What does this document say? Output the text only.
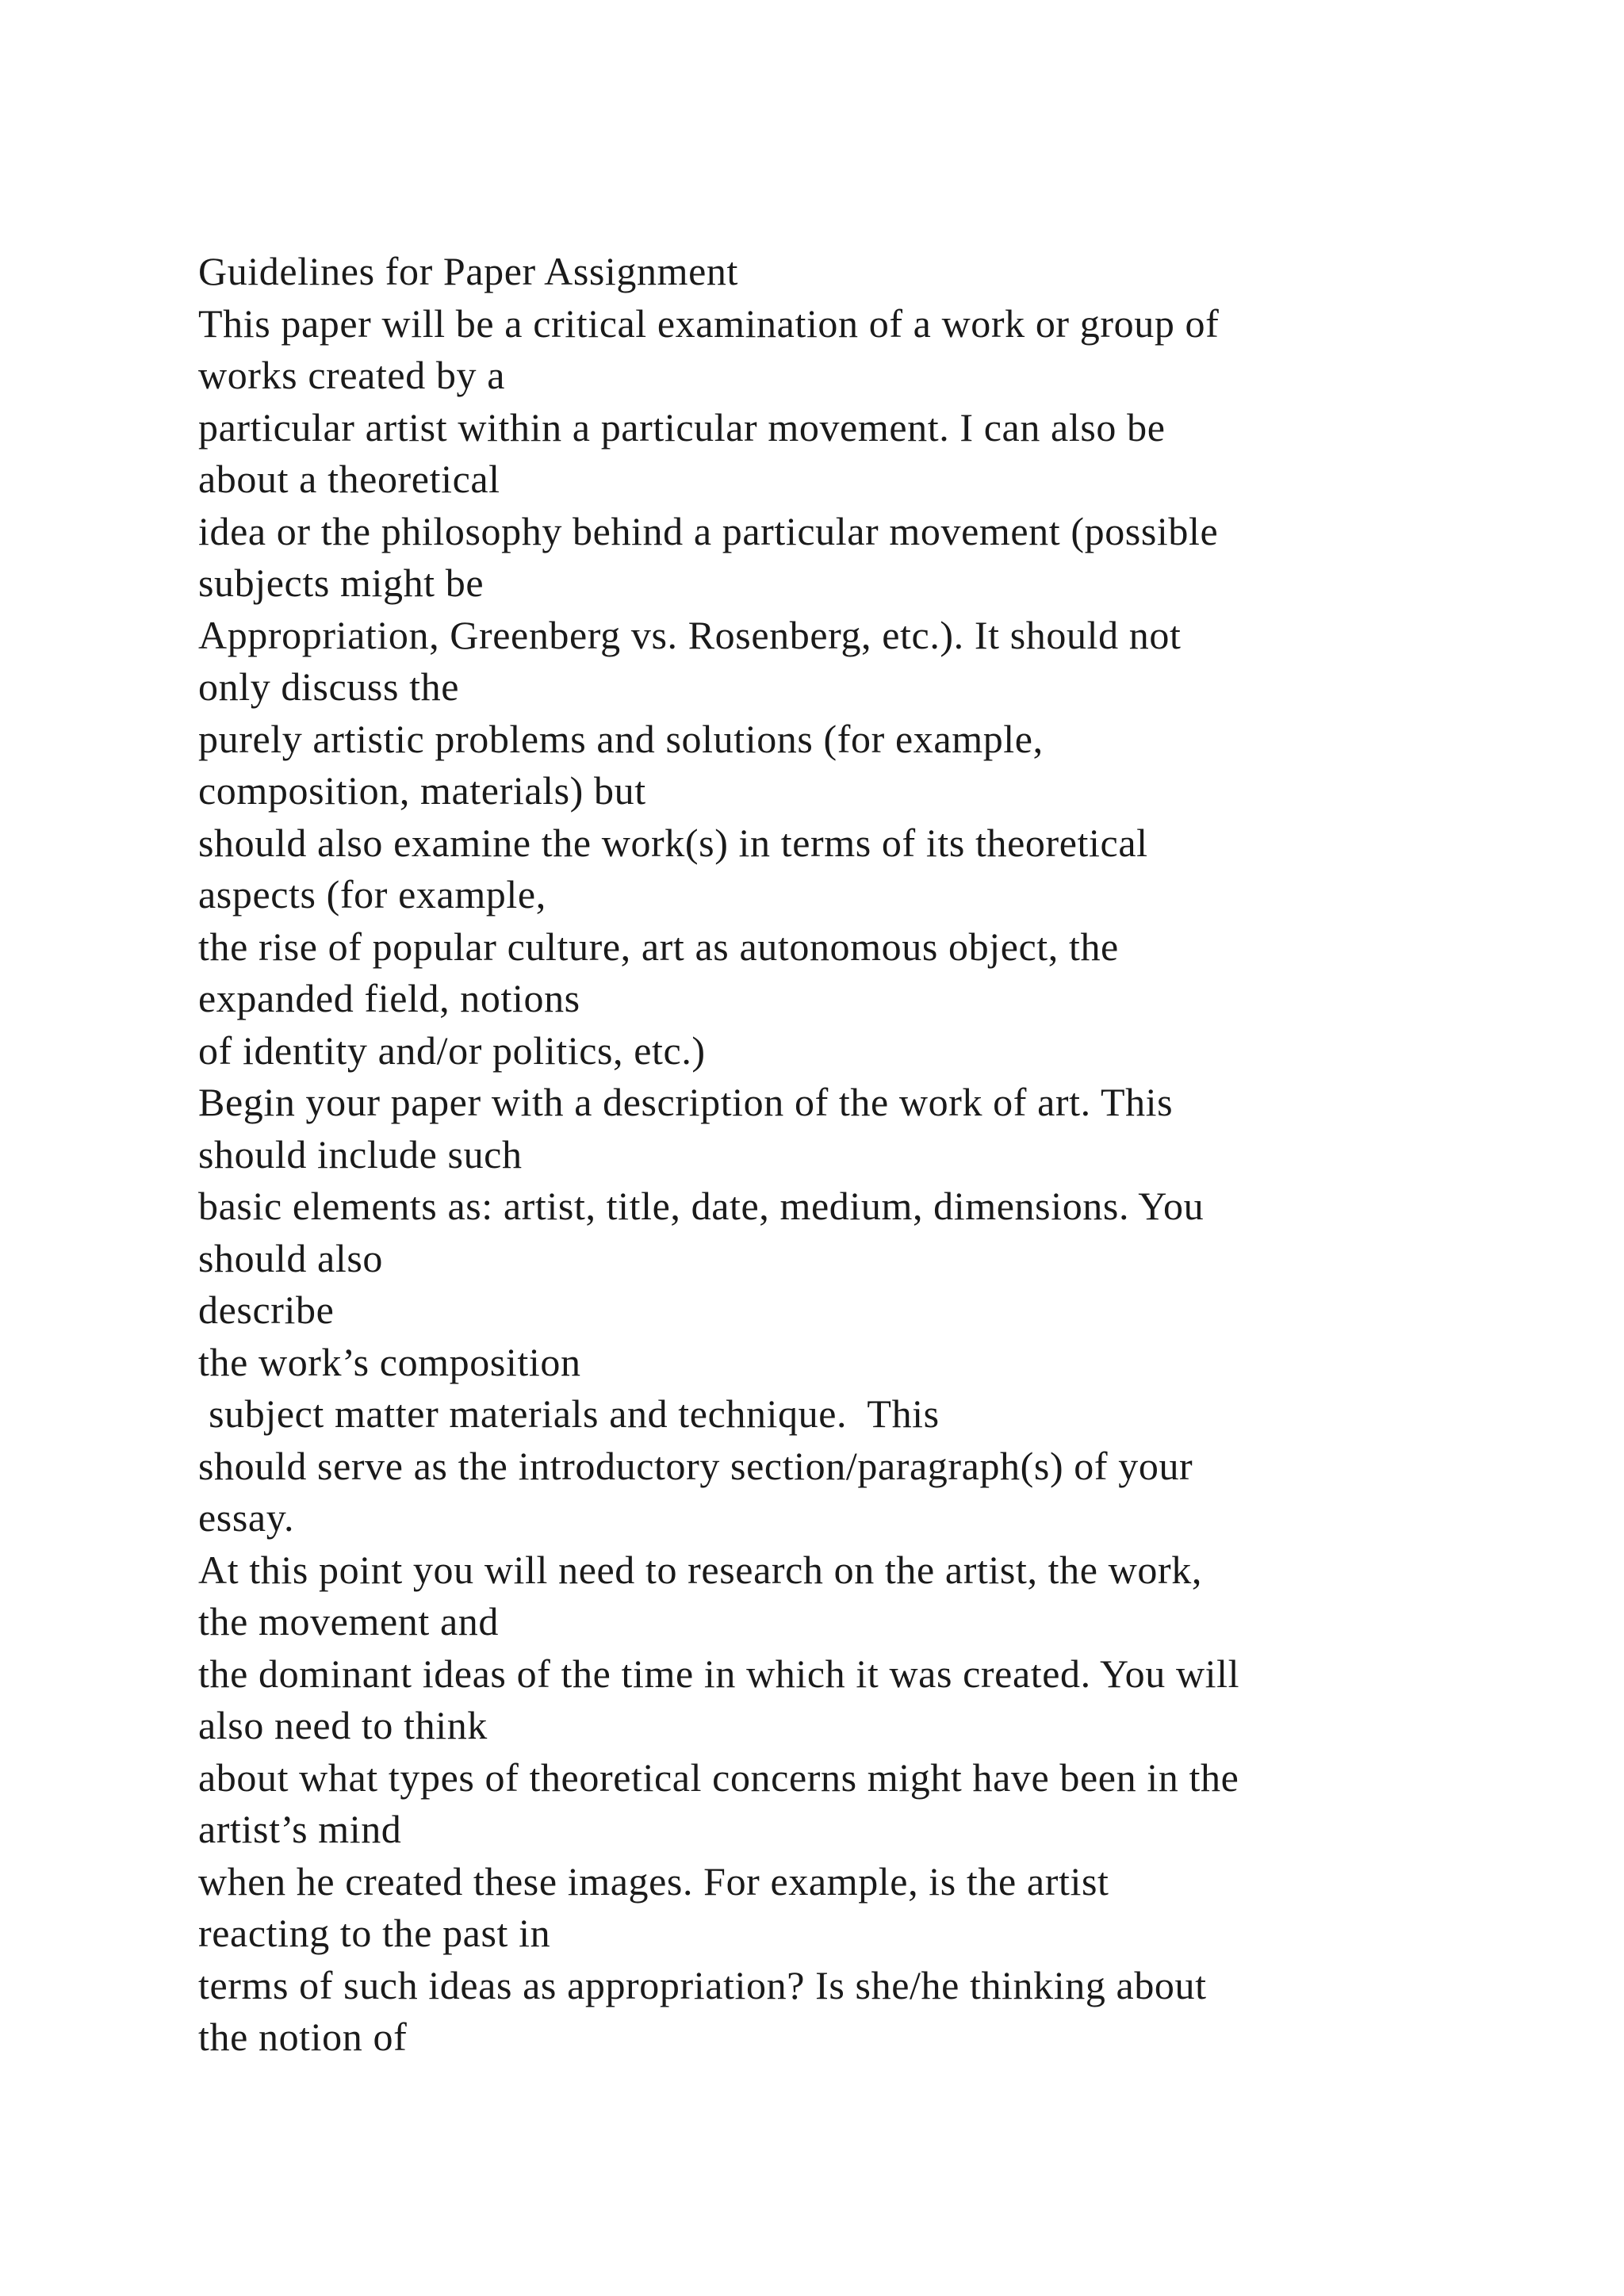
Guidelines for Paper Assignment
This paper will be a critical examination of a work or group of
works created by a
particular artist within a particular movement. I can also be
about a theoretical
idea or the philosophy behind a particular movement (possible
subjects might be
Appropriation, Greenberg vs. Rosenberg, etc.). It should not
only discuss the
purely artistic problems and solutions (for example,
composition, materials) but
should also examine the work(s) in terms of its theoretical
aspects (for example,
the rise of popular culture, art as autonomous object, the
expanded field, notions
of identity and/or politics, etc.)
Begin your paper with a description of the work of art. This
should include such
basic elements as: artist, title, date, medium, dimensions. You
should also
describe
the work’s composition
subject matter materials and technique.  This
should serve as the introductory section/paragraph(s) of your
essay.
At this point you will need to research on the artist, the work,
the movement and
the dominant ideas of the time in which it was created. You will
also need to think
about what types of theoretical concerns might have been in the
artist’s mind
when he created these images. For example, is the artist
reacting to the past in
terms of such ideas as appropriation? Is she/he thinking about
the notion of
